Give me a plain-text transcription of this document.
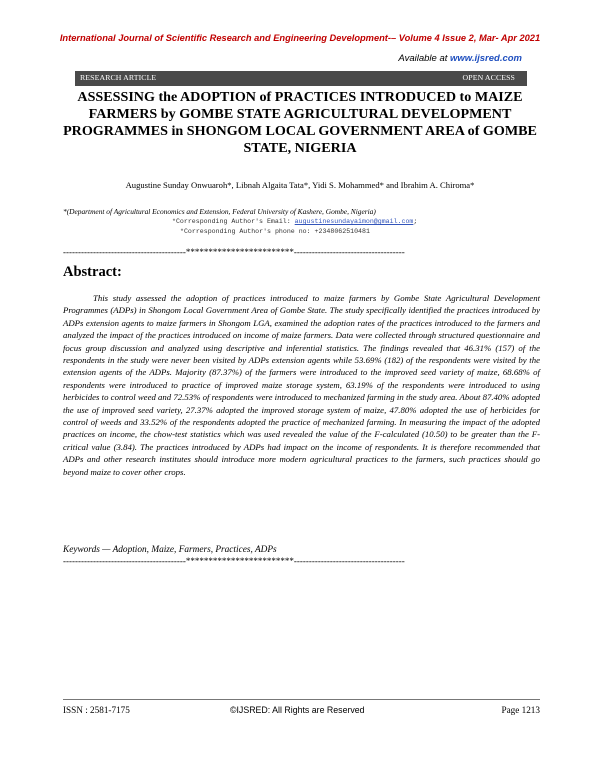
International Journal of Scientific Research and Engineering Development-– Volume 4 Issue 2, Mar- Apr 2021
Available at www.ijsred.com
RESEARCH ARTICLE	OPEN ACCESS
ASSESSING the ADOPTION of PRACTICES INTRODUCED to MAIZE FARMERS by GOMBE STATE AGRICULTURAL DEVELOPMENT PROGRAMMES in SHONGOM LOCAL GOVERNMENT AREA of GOMBE STATE, NIGERIA
Augustine Sunday Onwuaroh*, Libnah Algaita Tata*, Yidi S. Mohammed* and Ibrahim A. Chiroma*
*(Department of Agricultural Economics and Extension, Federal University of Kashere, Gombe, Nigeria)
*Corresponding Author's Email: augustinesundayaimon@gmail.com;
*Corresponding Author's phone no: +2348062510481
-----------------------------------------************************-------------------------------------
Abstract:

This study assessed the adoption of practices introduced to maize farmers by Gombe State Agricultural Development Programmes (ADPs) in Shongom Local Government Area of Gombe State. The study specifically identified the practices introduced by ADPs extension agents to maize farmers in Shongom LGA, examined the adoption rates of the practices introduced to the farmers and analyzed the impact of the practices introduced on income of maize farmers. Data were collected through structured questionnaire and focus group discussion and analyzed using descriptive and inferential statistics. The findings revealed that 46.31% (157) of the respondents in the study were never been visited by ADPs extension agents while 53.69% (182) of the respondents were visited by the extension agents of the ADPs. Majority (87.37%) of the farmers were introduced to the improved seed variety of maize, 68.68% of respondents were introduced to practice of improved maize storage system, 63.19% of the respondents were introduced to using herbicides to control weed and 72.53% of respondents were introduced to mechanized farming in the study area. About 87.40% adopted the use of improved seed variety, 27.37% adopted the improved storage system of maize, 47.80% adopted the use of herbicides for control of weeds and 33.52% of the respondents adopted the practice of mechanized farming. In measuring the impact of the adopted practices on income, the chow-test statistics which was used revealed the value of the F-calculated (10.50) to be greater than the F-critical value (3.84). The practices introduced by ADPs had impact on the income of respondents. It is therefore recommended that ADPs and other research institutes should introduce more modern agricultural practices to the farmers, such practices should go beyond maize to cover other crops.

Keywords — Adoption, Maize, Farmers, Practices, ADPs
-----------------------------------------************************-------------------------------------
ISSN : 2581-7175	©IJSRED: All Rights are Reserved	Page 1213
